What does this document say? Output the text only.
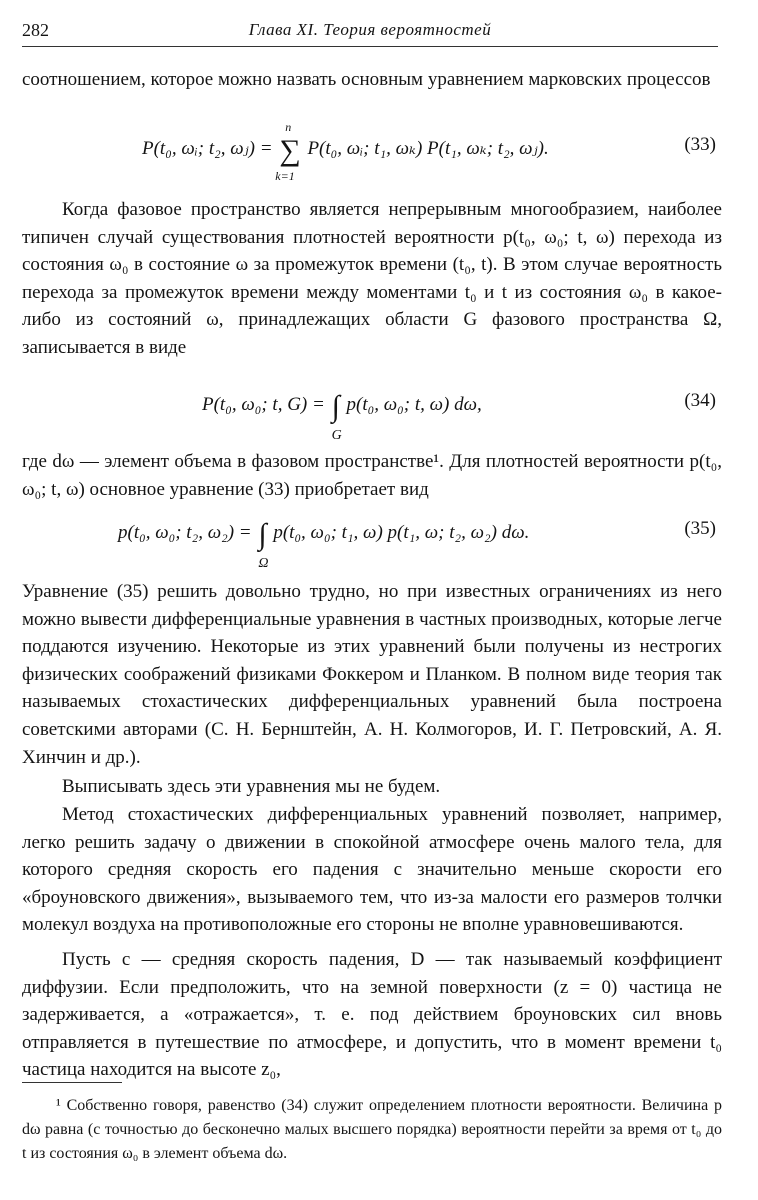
282	Глава XI. Теория вероятностей

соотношением, которое можно назвать основным уравнением марковских процессов

P(t₀, ωᵢ; t₂, ωⱼ) = ∑
n
k=1
P(t₀, ωᵢ; t₁, ωₖ) P(t₁, ωₖ; t₂, ωⱼ).	(33)

Когда фазовое пространство является непрерывным многообразием, наиболее типичен случай существования плотностей вероятности p(t₀, ω₀; t, ω) перехода из состояния ω₀ в состояние ω за промежуток времени (t₀, t). В этом случае вероятность перехода за промежуток времени между моментами t₀ и t из состояния ω₀ в какое-либо из состояний ω, принадлежащих области G фазового пространства Ω, записывается в виде

P(t₀, ω₀; t, G) = ∫
G
p(t₀, ω₀; t, ω) dω,	(34)

где dω — элемент объема в фазовом пространстве¹. Для плотностей вероятности p(t₀, ω₀; t, ω) основное уравнение (33) приобретает вид

p(t₀, ω₀; t₂, ω₂) = ∫
Ω
p(t₀, ω₀; t₁, ω) p(t₁, ω; t₂, ω₂) dω.	(35)

Уравнение (35) решить довольно трудно, но при известных ограничениях из него можно вывести дифференциальные уравнения в частных производных, которые легче поддаются изучению. Некоторые из этих уравнений были получены из нестрогих физических соображений физиками Фоккером и Планком. В полном виде теория так называемых стохастических дифференциальных уравнений была построена советскими авторами (С. Н. Бернштейн, А. Н. Колмогоров, И. Г. Петровский, А. Я. Хинчин и др.).

Выписывать здесь эти уравнения мы не будем.

Метод стохастических дифференциальных уравнений позволяет, например, легко решить задачу о движении в спокойной атмосфере очень малого тела, для которого средняя скорость его падения c значительно меньше скорости его «броуновского движения», вызываемого тем, что из-за малости его размеров толчки молекул воздуха на противоположные его стороны не вполне уравновешиваются.

Пусть c — средняя скорость падения, D — так называемый коэффициент диффузии. Если предположить, что на земной поверхности (z = 0) частица не задерживается, а «отражается», т. е. под действием броуновских сил вновь отправляется в путешествие по атмосфере, и допустить, что в момент времени t₀ частица находится на высоте z₀,

¹ Собственно говоря, равенство (34) служит определением плотности вероятности. Величина p dω равна (с точностью до бесконечно малых высшего порядка) вероятности перейти за время от t₀ до t из состояния ω₀ в элемент объема dω.
